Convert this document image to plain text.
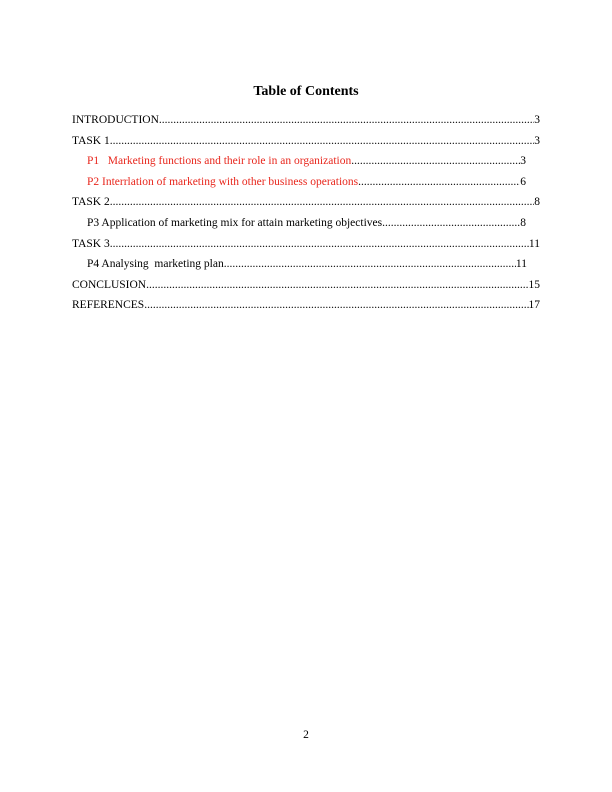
Table of Contents
INTRODUCTION .....	3
TASK 1 .....	3
P1   Marketing functions and their role in an organization .....	3
P2 Interrlation of marketing with other business operations .....	6
TASK 2 .....	8
P3 Application of marketing mix for attain marketing objectives .....	8
TASK 3 .....	11
P4 Analysing  marketing plan .....	11
CONCLUSION .....	15
REFERENCES .....	17
2
